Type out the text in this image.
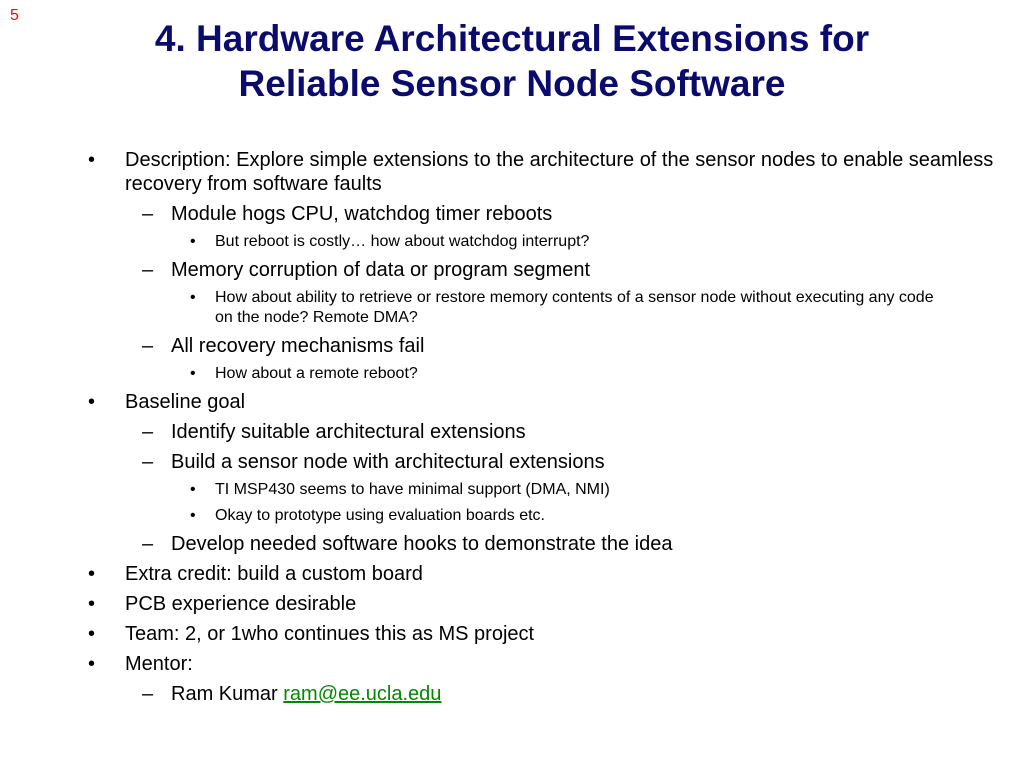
5
4. Hardware Architectural Extensions for
Reliable Sensor Node Software
• Description: Explore simple extensions to the architecture of the sensor nodes to enable seamless recovery from software faults
– Module hogs CPU, watchdog timer reboots
• But reboot is costly… how about watchdog interrupt?
– Memory corruption of data or program segment
• How about ability to retrieve or restore memory contents of a sensor node without executing any code on the node? Remote DMA?
– All recovery mechanisms fail
• How about a remote reboot?
• Baseline goal
– Identify suitable architectural extensions
– Build a sensor node with architectural extensions
• TI MSP430 seems to have minimal support (DMA, NMI)
• Okay to prototype using evaluation boards etc.
– Develop needed software hooks to demonstrate the idea
• Extra credit: build a custom board
• PCB experience desirable
• Team: 2, or 1who continues this as MS project
• Mentor:
– Ram Kumar ram@ee.ucla.edu
